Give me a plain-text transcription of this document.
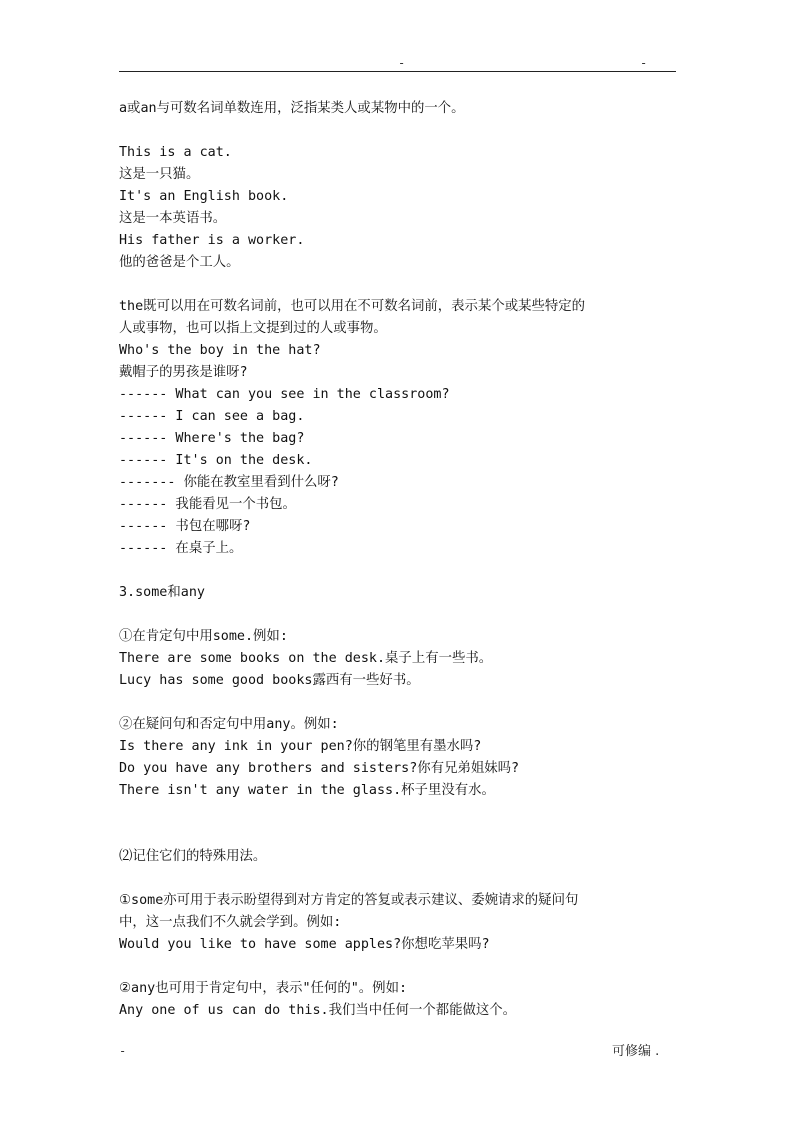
-	-
a或an与可数名词单数连用，泛指某类人或某物中的一个。
This is a cat.
这是一只猫。
It's an English book.
这是一本英语书。
His father is a worker.
他的爸爸是个工人。
the既可以用在可数名词前，也可以用在不可数名词前，表示某个或某些特定的
人或事物，也可以指上文提到过的人或事物。
Who's the boy in the hat?
戴帽子的男孩是谁呀?
------ What can you see in the classroom?
------ I can see a bag.
------ Where's the bag?
------ It's on the desk.
------- 你能在教室里看到什么呀?
------ 我能看见一个书包。
------ 书包在哪呀?
------ 在桌子上。
3.some和any
①在肯定句中用some.例如:
There are some books on the desk.桌子上有一些书。
Lucy has some good books露西有一些好书。
②在疑问句和否定句中用any。例如:
Is there any ink in your pen?你的钢笔里有墨水吗?
Do you have any brothers and sisters?你有兄弟姐妹吗?
There isn't any water in the glass.杯子里没有水。
⑵记住它们的特殊用法。
①some亦可用于表示盼望得到对方肯定的答复或表示建议、委婉请求的疑问句
中，这一点我们不久就会学到。例如:
Would you like to have some apples?你想吃苹果吗?
②any也可用于肯定句中，表示"任何的"。例如:
Any one of us can do this.我们当中任何一个都能做这个。
-	可修编 .
